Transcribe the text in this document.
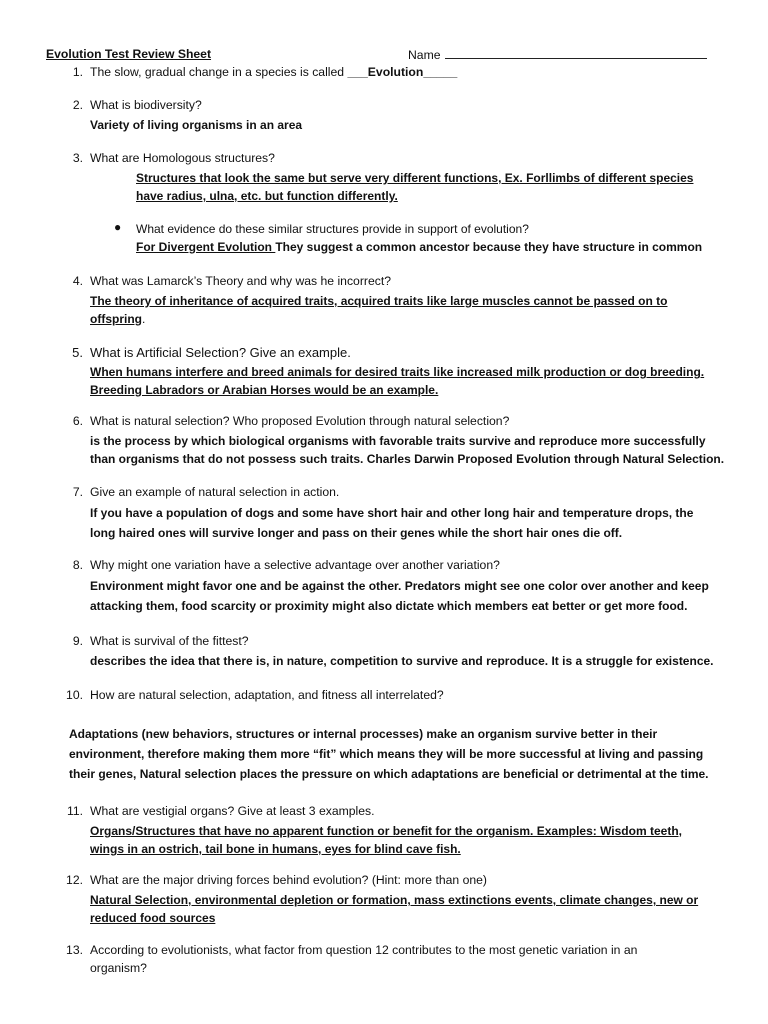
Evolution Test Review Sheet	Name
1. The slow, gradual change in a species is called ___Evolution_____
2. What is biodiversity?
Variety of living organisms in an area
3. What are Homologous structures?
Structures that look the same but serve very different functions, Ex. Forllimbs of different species
have radius, ulna, etc. but function differently.
● What evidence do these similar structures provide in support of evolution?
For Divergent Evolution They suggest a common ancestor because they have structure in common
4. What was Lamarck’s Theory and why was he incorrect?
The theory of inheritance of acquired traits, acquired traits like large muscles cannot be passed on to
offspring.
5. What is Artificial Selection? Give an example.
When humans interfere and breed animals for desired traits like increased milk production or dog breeding.
Breeding Labradors or Arabian Horses would be an example.
6. What is natural selection? Who proposed Evolution through natural selection?
is the process by which biological organisms with favorable traits survive and reproduce more successfully
than organisms that do not possess such traits. Charles Darwin Proposed Evolution through Natural Selection.
7. Give an example of natural selection in action.
If you have a population of dogs and some have short hair and other long hair and temperature drops, the
long haired ones will survive longer and pass on their genes while the short hair ones die off.
8. Why might one variation have a selective advantage over another variation?
Environment might favor one and be against the other. Predators might see one color over another and keep
attacking them, food scarcity or proximity might also dictate which members eat better or get more food.
9. What is survival of the fittest?
describes the idea that there is, in nature, competition to survive and reproduce. It is a struggle for existence.
10. How are natural selection, adaptation, and fitness all interrelated?
Adaptations (new behaviors, structures or internal processes) make an organism survive better in their
environment, therefore making them more “fit” which means they will be more successful at living and passing
their genes, Natural selection places the pressure on which adaptations are beneficial or detrimental at the time.
11. What are vestigial organs? Give at least 3 examples.
Organs/Structures that have no apparent function or benefit for the organism. Examples: Wisdom teeth,
wings in an ostrich, tail bone in humans, eyes for blind cave fish.
12. What are the major driving forces behind evolution? (Hint: more than one)
Natural Selection, environmental depletion or formation, mass extinctions events, climate changes, new or
reduced food sources
13. According to evolutionists, what factor from question 12 contributes to the most genetic variation in an
organism?
